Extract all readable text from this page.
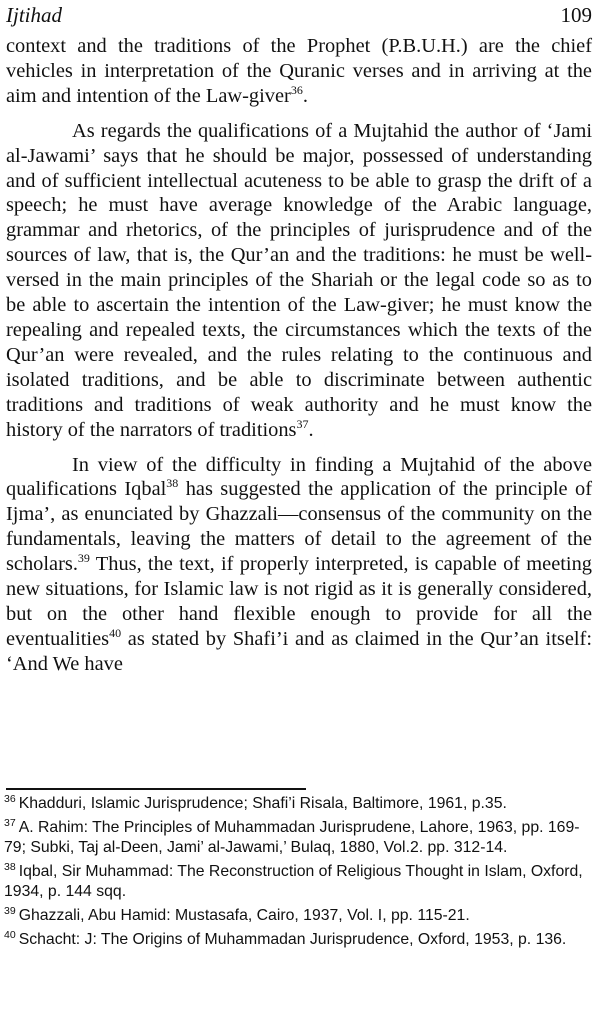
Ijtihad	109

context and the traditions of the Prophet (P.B.U.H.) are the chief vehicles in interpretation of the Quranic verses and in arriving at the aim and intention of the Law-giver$^{36}$.

As regards the qualifications of a Mujtahid the author of ‘Jami al-Jawami’ says that he should be major, possessed of understanding and of sufficient intellectual acuteness to be able to grasp the drift of a speech; he must have average knowledge of the Arabic language, grammar and rhetorics, of the principles of jurisprudence and of the sources of law, that is, the Qur’an and the traditions: he must be well-versed in the main principles of the Shariah or the legal code so as to be able to ascertain the intention of the Law-giver; he must know the repealing and repealed texts, the circumstances which the texts of the Qur’an were revealed, and the rules relating to the continuous and isolated traditions, and be able to discriminate between authentic traditions and traditions of weak authority and he must know the history of the narrators of traditions$^{37}$.

In view of the difficulty in finding a Mujtahid of the above qualifications Iqbal$^{38}$ has suggested the application of the principle of Ijma’, as enunciated by Ghazzali—consensus of the community on the fundamentals, leaving the matters of detail to the agreement of the scholars.$^{39}$ Thus, the text, if properly interpreted, is capable of meeting new situations, for Islamic law is not rigid as it is generally considered, but on the other hand flexible enough to provide for all the eventualities$^{40}$ as stated by Shafi’i and as claimed in the Qur’an itself: ‘And We have

$^{36}$ Khadduri, Islamic Jurisprudence; Shafi’i Risala, Baltimore, 1961, p.35.

$^{37}$ A. Rahim: The Principles of Muhammadan Jurisprudene, Lahore, 1963, pp. 169-79; Subki, Taj al-Deen, Jami’ al-Jawami,’ Bulaq, 1880, Vol.2. pp. 312-14.

$^{38}$ Iqbal, Sir Muhammad: The Reconstruction of Religious Thought in Islam, Oxford, 1934, p. 144 sqq.

$^{39}$ Ghazzali, Abu Hamid: Mustasafa, Cairo, 1937, Vol. I, pp. 115-21.

$^{40}$ Schacht: J: The Origins of Muhammadan Jurisprudence, Oxford, 1953, p. 136.
